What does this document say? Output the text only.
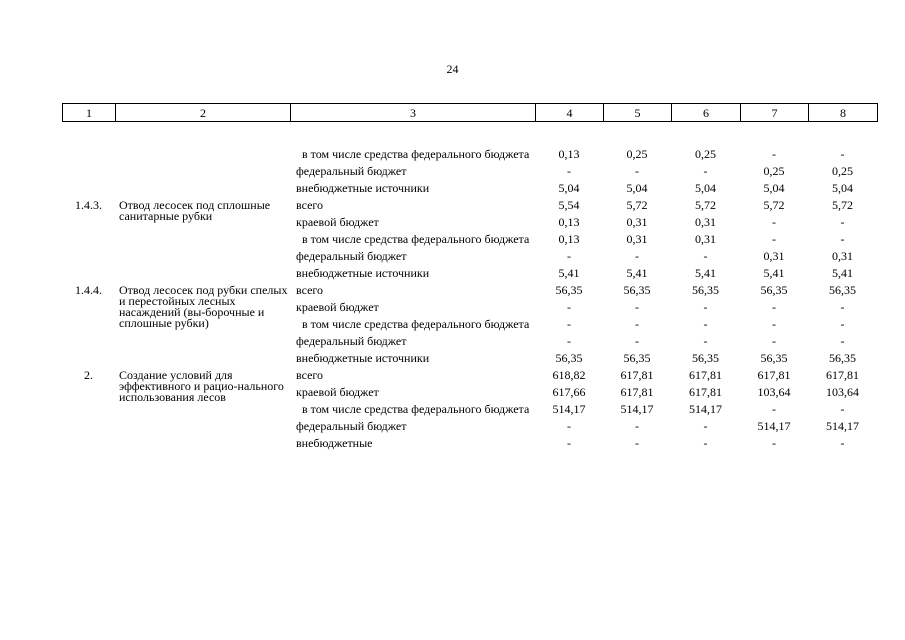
24
1	2	3	4	5	6	7	8
		в том числе средства федерального бюджета	0,13	0,25	0,25	-	-
		федеральный бюджет	-	-	-	0,25	0,25
		внебюджетные источники	5,04	5,04	5,04	5,04	5,04
1.4.3.	Отвод лесосек под сплошные санитарные рубки	всего	5,54	5,72	5,72	5,72	5,72
		краевой бюджет	0,13	0,31	0,31	-	-
		в том числе средства федерального бюджета	0,13	0,31	0,31	-	-
		федеральный бюджет	-	-	-	0,31	0,31
		внебюджетные источники	5,41	5,41	5,41	5,41	5,41
1.4.4.	Отвод лесосек под рубки спелых и перестойных лесных насаждений (вы-борочные и сплошные рубки)	всего	56,35	56,35	56,35	56,35	56,35
		краевой бюджет	-	-	-	-	-
		в том числе средства федерального бюджета	-	-	-	-	-
		федеральный бюджет	-	-	-	-	-
		внебюджетные источники	56,35	56,35	56,35	56,35	56,35
2.	Создание условий для эффективного и рацио-нального использования лесов	всего	618,82	617,81	617,81	617,81	617,81
		краевой бюджет	617,66	617,81	617,81	103,64	103,64
		в том числе средства федерального бюджета	514,17	514,17	514,17	-	-
		федеральный бюджет	-	-	-	514,17	514,17
		внебюджетные	-	-	-	-	-
